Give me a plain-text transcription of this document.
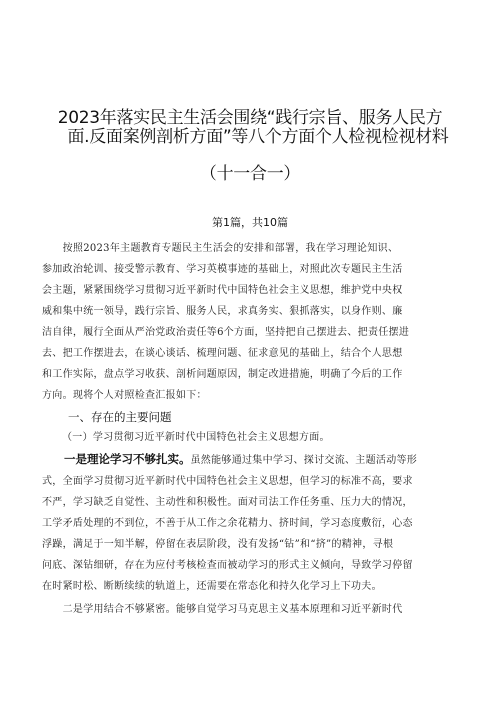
2023年落实民主生活会围绕“践行宗旨、服务人民方
面.反面案例剖析方面”等八个方面个人检视检视材料
（十一合一）
第1篇，共10篇
　　按照2023年主题教育专题民主生活会的安排和部署，我在学习理论知识、
参加政治轮训、接受警示教育、学习英模事迹的基础上，对照此次专题民主生活
会主题，紧紧围绕学习贯彻习近平新时代中国特色社会主义思想，维护党中央权
威和集中统一领导，践行宗旨、服务人民，求真务实、狠抓落实，以身作则、廉
洁自律，履行全面从严治党政治责任等6个方面，坚持把自己摆进去、把责任摆进
去、把工作摆进去，在谈心谈话、梳理问题、征求意见的基础上，结合个人思想
和工作实际，盘点学习收获、剖析问题原因，制定改进措施，明确了今后的工作
方向。现将个人对照检查汇报如下：
一、存在的主要问题
（一）学习贯彻习近平新时代中国特色社会主义思想方面。
一是理论学习不够扎实。虽然能够通过集中学习、探讨交流、主题活动等形
式，全面学习贯彻习近平新时代中国特色社会主义思想，但学习的标准不高，要求
不严，学习缺乏自觉性、主动性和积极性。面对司法工作任务重、压力大的情况，
工学矛盾处理的不到位，不善于从工作之余花精力、挤时间，学习态度敷衍，心态
浮躁，满足于一知半解，停留在表层阶段，没有发扬“钻”和“挤”的精神，寻根
问底、深钻细研，存在为应付考核检查而被动学习的形式主义倾向，导致学习停留
在时紧时松、断断续续的轨道上，还需要在常态化和持久化学习上下功夫。
　　二是学用结合不够紧密。能够自觉学习马克思主义基本原理和习近平新时代
